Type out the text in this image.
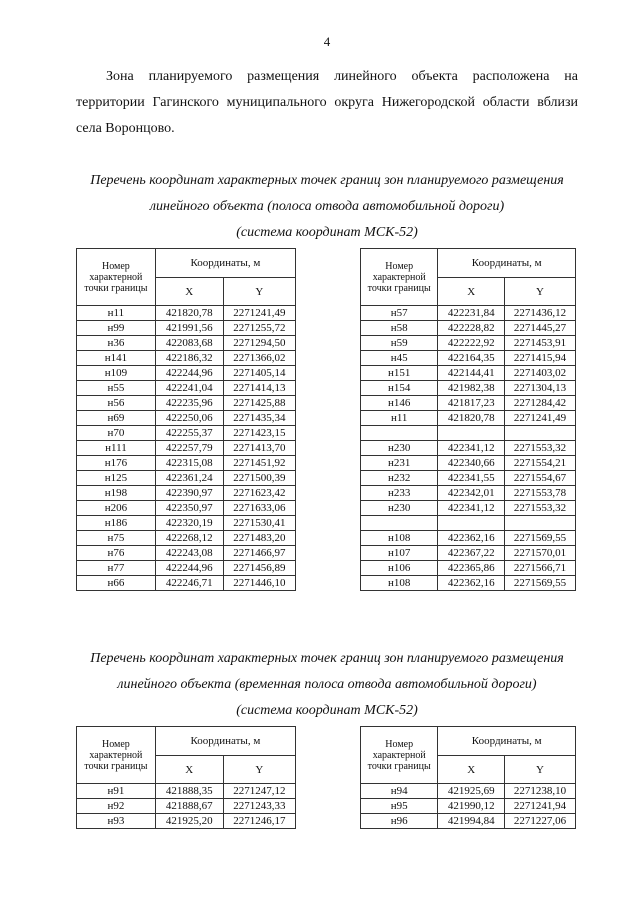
4
Зона планируемого размещения линейного объекта расположена на
территории Гагинского муниципального округа Нижегородской области вблизи села Воронцово.
Перечень координат характерных точек границ зон планируемого размещения
линейного объекта (полоса отвода автомобильной дороги)
(система координат МСК-52)
Номер характерной точки границы	Координаты, м	
	X	Y
н11	421820,78	2271241,49
н99	421991,56	2271255,72
н36	422083,68	2271294,50
н141	422186,32	2271366,02
н109	422244,96	2271405,14
н55	422241,04	2271414,13
н56	422235,96	2271425,88
н69	422250,06	2271435,34
н70	422255,37	2271423,15
н111	422257,79	2271413,70
н176	422315,08	2271451,92
н125	422361,24	2271500,39
н198	422390,97	2271623,42
н206	422350,97	2271633,06
н186	422320,19	2271530,41
н75	422268,12	2271483,20
н76	422243,08	2271466,97
н77	422244,96	2271456,89
н66	422246,71	2271446,10
Номер характерной точки границы	Координаты, м	
	X	Y
н57	422231,84	2271436,12
н58	422228,82	2271445,27
н59	422222,92	2271453,91
н45	422164,35	2271415,94
н151	422144,41	2271403,02
н154	421982,38	2271304,13
н146	421817,23	2271284,42
н11	421820,78	2271241,49

н230	422341,12	2271553,32
н231	422340,66	2271554,21
н232	422341,55	2271554,67
н233	422342,01	2271553,78
н230	422341,12	2271553,32

н108	422362,16	2271569,55
н107	422367,22	2271570,01
н106	422365,86	2271566,71
н108	422362,16	2271569,55
Перечень координат характерных точек границ зон планируемого размещения
линейного объекта (временная полоса отвода автомобильной дороги)
(система координат МСК-52)
Номер характерной точки границы	Координаты, м	
	X	Y
н91	421888,35	2271247,12
н92	421888,67	2271243,33
н93	421925,20	2271246,17
Номер характерной точки границы	Координаты, м	
	X	Y
н94	421925,69	2271238,10
н95	421990,12	2271241,94
н96	421994,84	2271227,06
